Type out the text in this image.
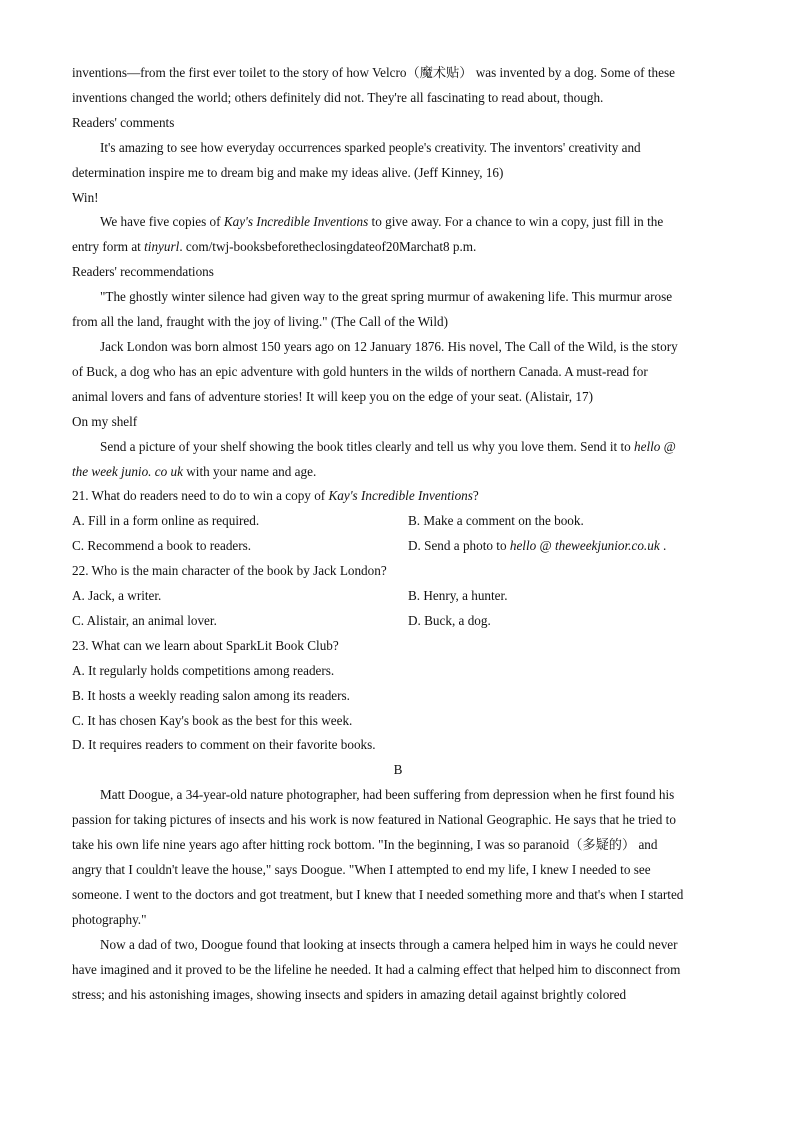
inventions—from the first ever toilet to the story of how Velcro（魔术贴） was invented by a dog. Some of these

inventions changed the world; others definitely did not. They're all fascinating to read about, though.

Readers' comments

It's amazing to see how everyday occurrences sparked people's creativity. The inventors' creativity and

determination inspire me to dream big and make my ideas alive. (Jeff Kinney, 16)

Win!

We have five copies of Kay's Incredible Inventions to give away. For a chance to win a copy, just fill in the

entry form at tinyurl. com/twj-booksbeforetheclosingdateof20Marchat8 p.m.

Readers' recommendations

"The ghostly winter silence had given way to the great spring murmur of awakening life. This murmur arose

from all the land, fraught with the joy of living." (The Call of the Wild)

Jack London was born almost 150 years ago on 12 January 1876. His novel, The Call of the Wild, is the story

of Buck, a dog who has an epic adventure with gold hunters in the wilds of northern Canada. A must-read for

animal lovers and fans of adventure stories! It will keep you on the edge of your seat. (Alistair, 17)

On my shelf

Send a picture of your shelf showing the book titles clearly and tell us why you love them. Send it to hello @

the week junio. co uk with your name and age.

21. What do readers need to do to win a copy of Kay's Incredible Inventions?

A. Fill in a form online as required.	B. Make a comment on the book.
C. Recommend a book to readers.	D. Send a photo to hello @ theweekjunior.co.uk .

22. Who is the main character of the book by Jack London?

A. Jack, a writer.	B. Henry, a hunter.
C. Alistair, an animal lover.	D. Buck, a dog.

23. What can we learn about SparkLit Book Club?

A. It regularly holds competitions among readers.

B. It hosts a weekly reading salon among its readers.

C. It has chosen Kay's book as the best for this week.

D. It requires readers to comment on their favorite books.

B

Matt Doogue, a 34-year-old nature photographer, had been suffering from depression when he first found his

passion for taking pictures of insects and his work is now featured in National Geographic. He says that he tried to

take his own life nine years ago after hitting rock bottom. "In the beginning, I was so paranoid（多疑的） and

angry that I couldn't leave the house," says Doogue. "When I attempted to end my life, I knew I needed to see

someone. I went to the doctors and got treatment, but I knew that I needed something more and that's when I started

photography."

Now a dad of two, Doogue found that looking at insects through a camera helped him in ways he could never

have imagined and it proved to be the lifeline he needed. It had a calming effect that helped him to disconnect from

stress; and his astonishing images, showing insects and spiders in amazing detail against brightly colored
